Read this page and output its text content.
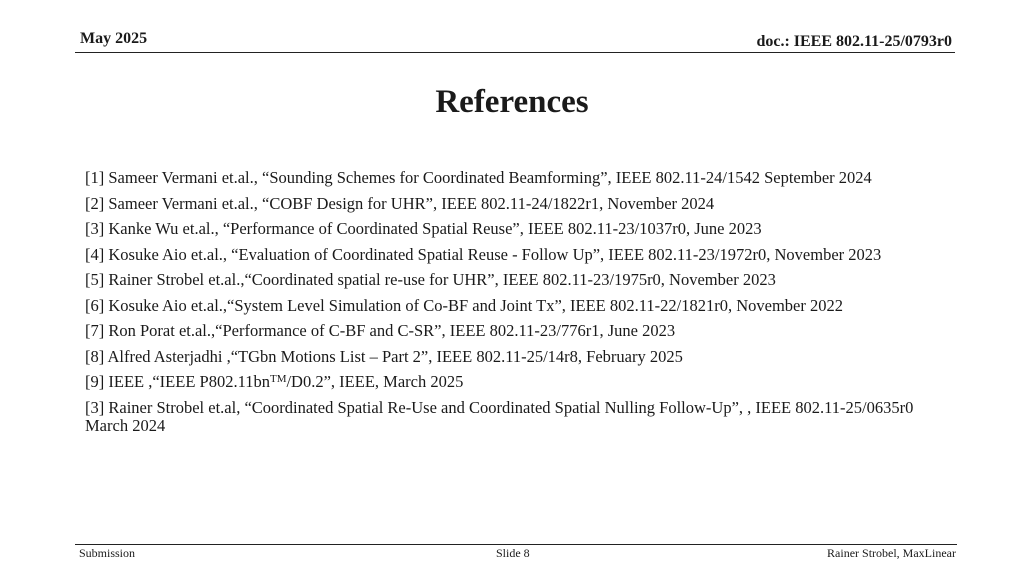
May 2025	doc.: IEEE 802.11-25/0793r0
References
[1] Sameer Vermani et.al., “Sounding Schemes for Coordinated Beamforming”, IEEE 802.11-24/1542 September 2024
[2] Sameer Vermani et.al., “COBF Design for UHR”, IEEE 802.11-24/1822r1, November 2024
[3] Kanke Wu et.al., “Performance of Coordinated Spatial Reuse”, IEEE 802.11-23/1037r0, June 2023
[4] Kosuke Aio et.al., “Evaluation of Coordinated Spatial Reuse - Follow Up”, IEEE 802.11-23/1972r0, November 2023
[5] Rainer Strobel et.al.,“Coordinated spatial re-use for UHR”, IEEE 802.11-23/1975r0, November 2023
[6] Kosuke Aio et.al.,“System Level Simulation of Co-BF and Joint Tx”, IEEE 802.11-22/1821r0, November 2022
[7] Ron Porat et.al.,“Performance of C-BF and C-SR”, IEEE 802.11-23/776r1, June 2023
[8] Alfred Asterjadhi ,“TGbn Motions List – Part 2”, IEEE 802.11-25/14r8, February 2025
[9] IEEE ,“IEEE P802.11bn™/D0.2”, IEEE, March 2025
[3] Rainer Strobel et.al, “Coordinated Spatial Re-Use and Coordinated Spatial Nulling Follow-Up”, , IEEE 802.11-25/0635r0 March 2024
Submission	Slide 8	Rainer Strobel, MaxLinear
